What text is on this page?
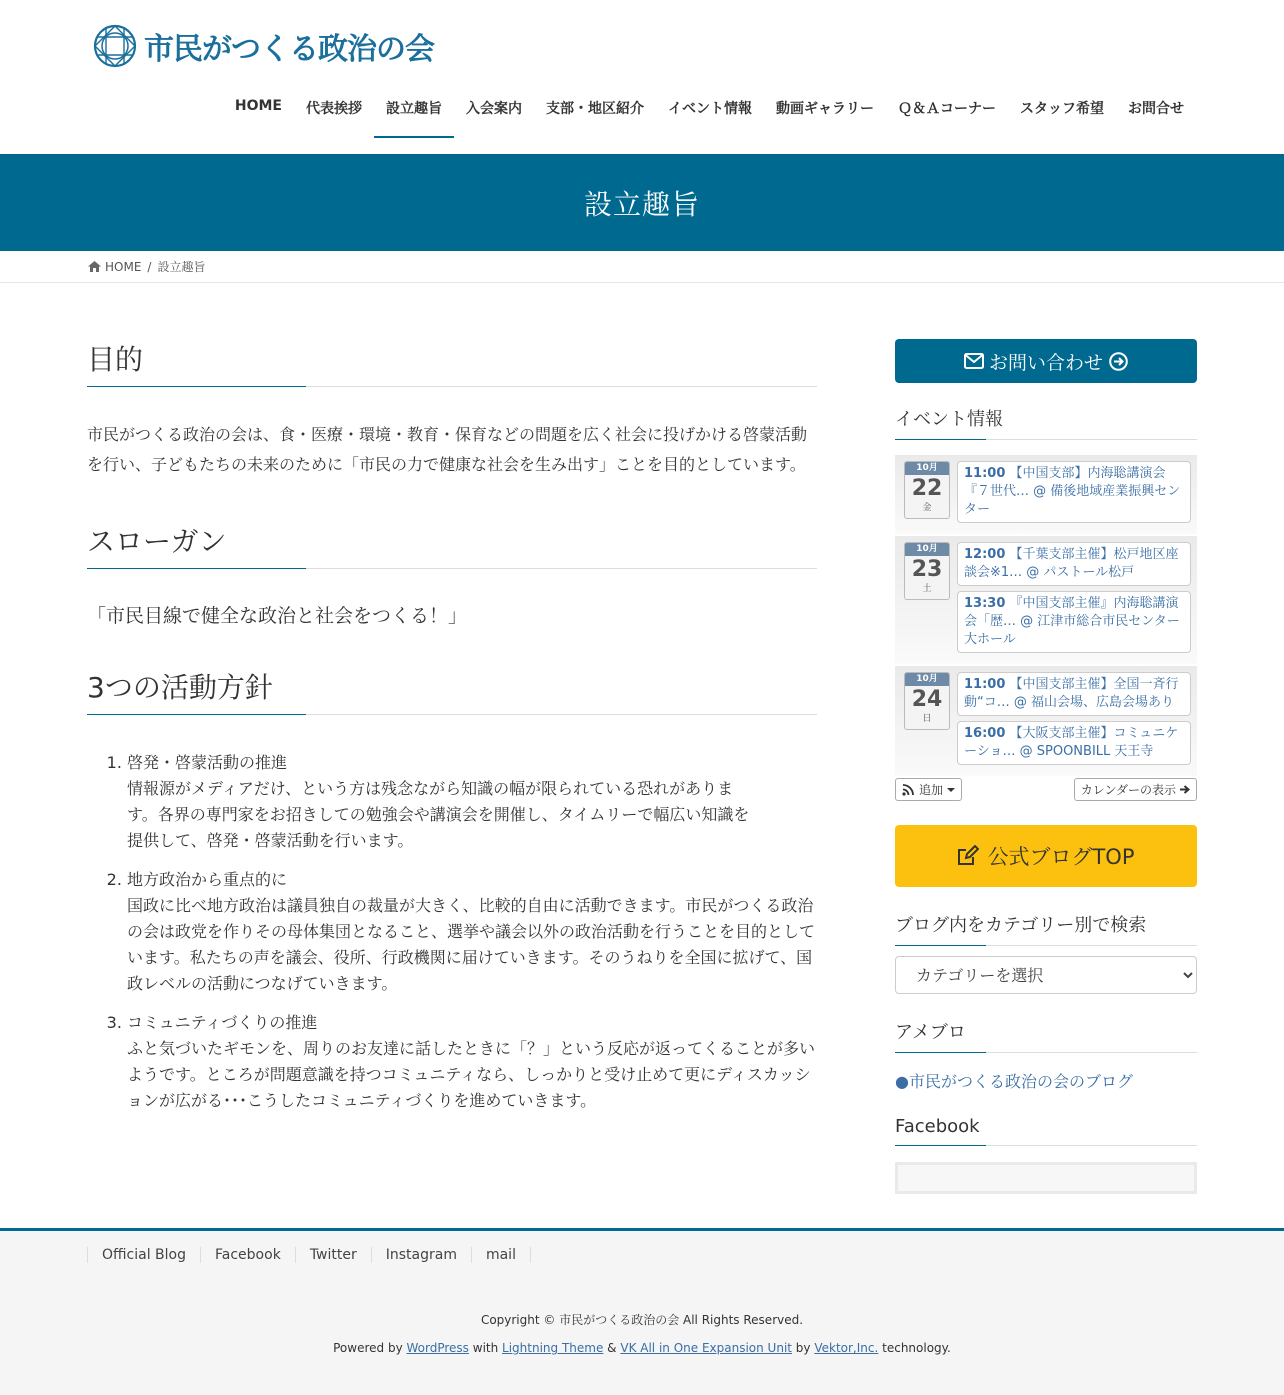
市民がつくる政治の会
HOME	代表挨拶	設立趣旨	入会案内	支部・地区紹介	イベント情報	動画ギャラリー	Ｑ＆Ａコーナー	スタッフ希望	お問合せ
設立趣旨
HOME / 設立趣旨
目的

市民がつくる政治の会は、食・医療・環境・教育・保育などの問題を広く社会に投げかける啓蒙活動を行い、子どもたちの未来のために「市民の力で健康な社会を生み出す」ことを目的としています。

スローガン

「市民目線で健全な政治と社会をつくる！」

3つの活動方針
1. 啓発・啓蒙活動の推進
情報源がメディアだけ、という方は残念ながら知識の幅が限られている恐れがあります。各界の専門家をお招きしての勉強会や講演会を開催し、タイムリーで幅広い知識を提供して、啓発・啓蒙活動を行います。
2. 地方政治から重点的に
国政に比べ地方政治は議員独自の裁量が大きく、比較的自由に活動できます。市民がつくる政治の会は政党を作りその母体集団となること、選挙や議会以外の政治活動を行うことを目的としています。私たちの声を議会、役所、行政機関に届けていきます。そのうねりを全国に拡げて、国政レベルの活動につなげていきます。
3. コミュニティづくりの推進
ふと気づいたギモンを、周りのお友達に話したときに「？」という反応が返ってくることが多いようです。ところが問題意識を持つコミュニティなら、しっかりと受け止めて更にディスカッションが広がる･･･こうしたコミュニティづくりを進めていきます。
お問い合わせ
イベント情報
10月
22
金
11:00 【中国支部】内海聡講演会『７世代… @ 備後地域産業振興センター
10月
23
土
12:00 【千葉支部主催】松戸地区座談会※1… @ パストール松戸
13:30 『中国支部主催』内海聡講演会「歴… @ 江津市総合市民センター大ホール
10月
24
日
11:00 【中国支部主催】全国一斉行動“コ… @ 福山会場、広島会場あり
16:00 【大阪支部主催】コミュニケーショ… @ SPOONBILL 天王寺
追加	カレンダーの表示
公式ブログTOP
ブログ内をカテゴリー別で検索
カテゴリーを選択
アメブロ
●市民がつくる政治の会のブログ
Facebook
Official Blog	Facebook	Twitter	Instagram	mail
Copyright © 市民がつくる政治の会 All Rights Reserved.
Powered by WordPress with Lightning Theme & VK All in One Expansion Unit by Vektor,Inc. technology.
